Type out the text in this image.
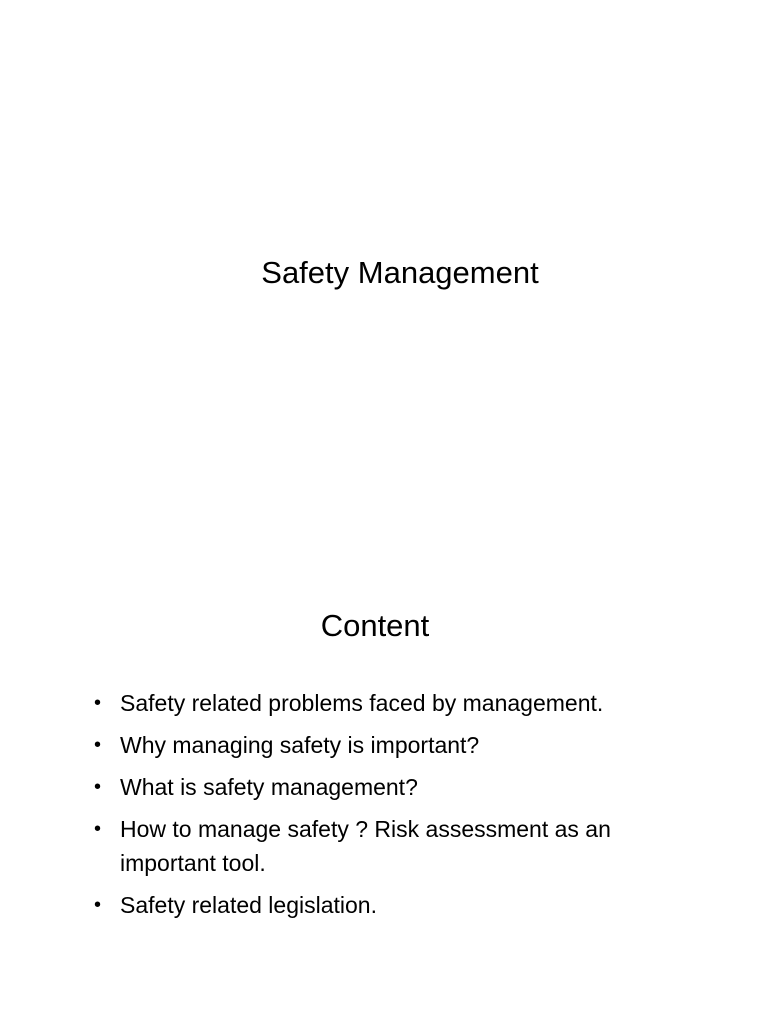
Safety Management
Content
• Safety related problems faced by management.
• Why managing safety is important?
• What is safety management?
• How to manage safety ? Risk assessment as an important tool.
• Safety related legislation.
